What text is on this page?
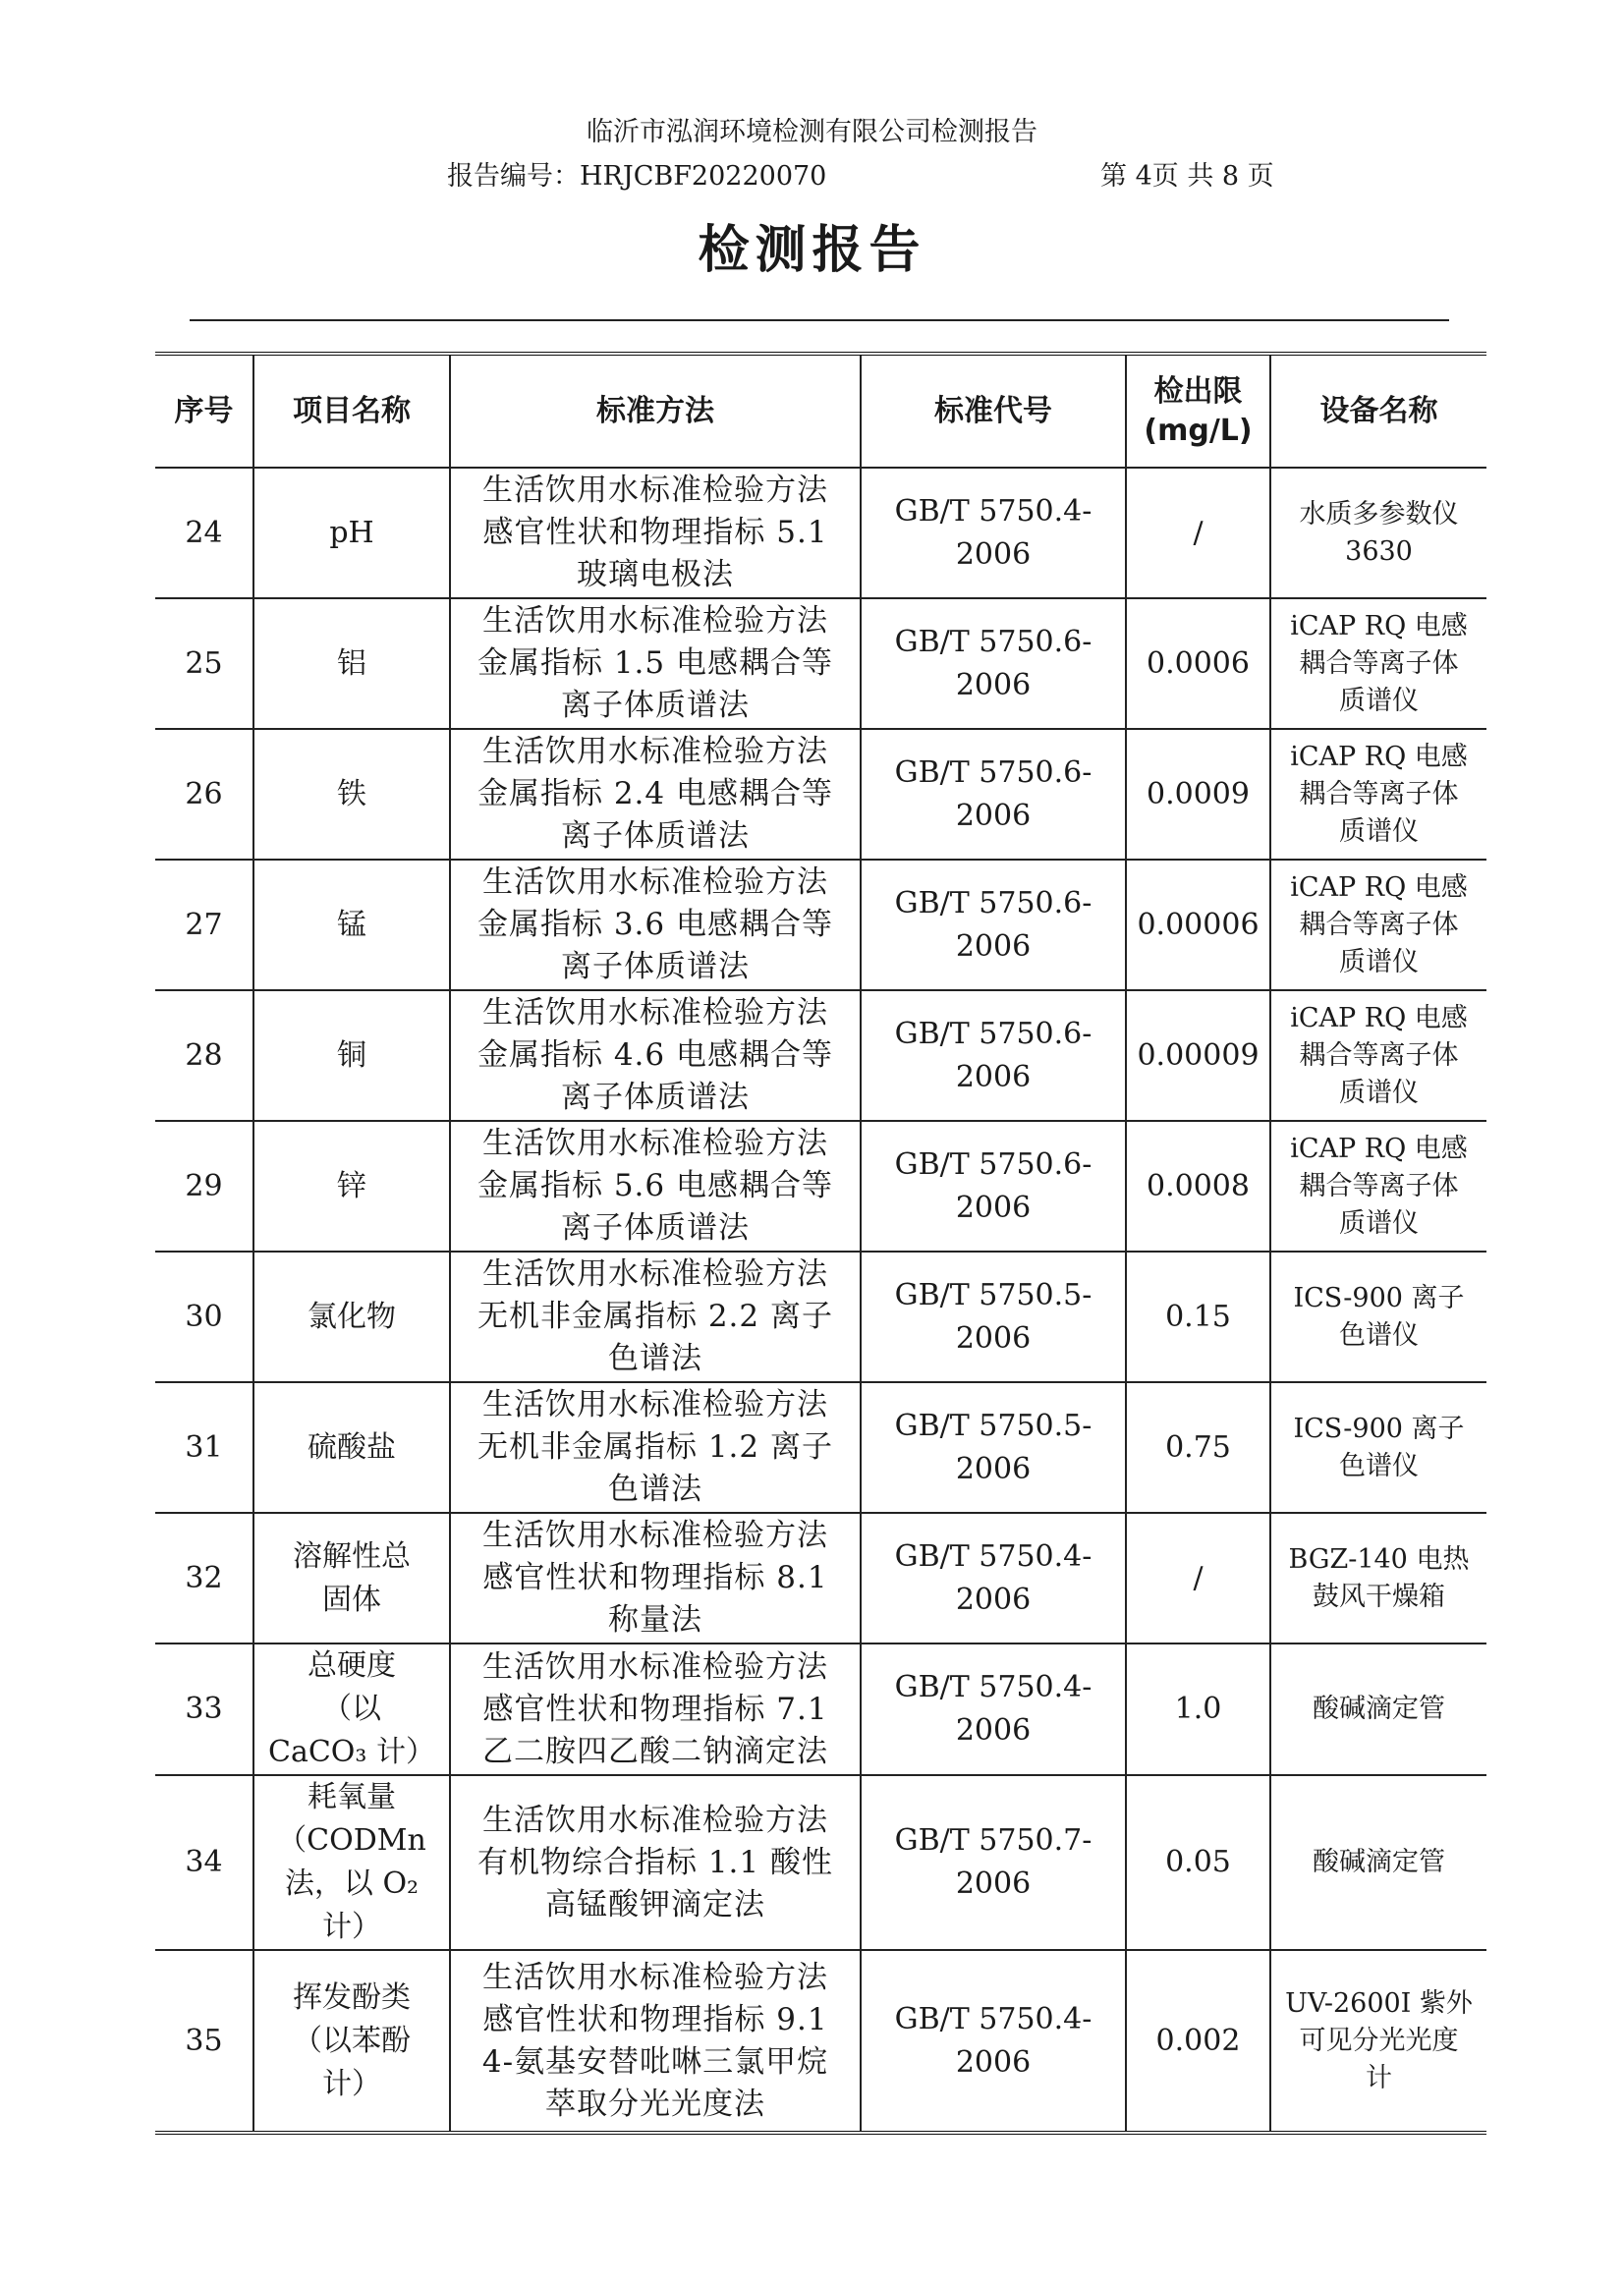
临沂市泓润环境检测有限公司检测报告
报告编号：HRJCBF20220070	第 4页 共 8 页
检测报告
序号	项目名称	标准方法	标准代号	检出限
(mg/L)	设备名称
24	pH	生活饮用水标准检验方法
感官性状和物理指标 5.1
玻璃电极法	GB/T 5750.4-
2006	/	水质多参数仪
3630
25	铝	生活饮用水标准检验方法
金属指标 1.5 电感耦合等
离子体质谱法	GB/T 5750.6-
2006	0.0006	iCAP RQ 电感
耦合等离子体
质谱仪
26	铁	生活饮用水标准检验方法
金属指标 2.4 电感耦合等
离子体质谱法	GB/T 5750.6-
2006	0.0009	iCAP RQ 电感
耦合等离子体
质谱仪
27	锰	生活饮用水标准检验方法
金属指标 3.6 电感耦合等
离子体质谱法	GB/T 5750.6-
2006	0.00006	iCAP RQ 电感
耦合等离子体
质谱仪
28	铜	生活饮用水标准检验方法
金属指标 4.6 电感耦合等
离子体质谱法	GB/T 5750.6-
2006	0.00009	iCAP RQ 电感
耦合等离子体
质谱仪
29	锌	生活饮用水标准检验方法
金属指标 5.6 电感耦合等
离子体质谱法	GB/T 5750.6-
2006	0.0008	iCAP RQ 电感
耦合等离子体
质谱仪
30	氯化物	生活饮用水标准检验方法
无机非金属指标 2.2 离子
色谱法	GB/T 5750.5-
2006	0.15	ICS-900 离子
色谱仪
31	硫酸盐	生活饮用水标准检验方法
无机非金属指标 1.2 离子
色谱法	GB/T 5750.5-
2006	0.75	ICS-900 离子
色谱仪
32	溶解性总
固体	生活饮用水标准检验方法
感官性状和物理指标 8.1
称量法	GB/T 5750.4-
2006	/	BGZ-140 电热
鼓风干燥箱
33	总硬度
（以
CaCO₃ 计）	生活饮用水标准检验方法
感官性状和物理指标 7.1
乙二胺四乙酸二钠滴定法	GB/T 5750.4-
2006	1.0	酸碱滴定管
34	耗氧量
（CODMn
法，以 O₂
计）	生活饮用水标准检验方法
有机物综合指标 1.1 酸性
高锰酸钾滴定法	GB/T 5750.7-
2006	0.05	酸碱滴定管
35	挥发酚类
（以苯酚
计）	生活饮用水标准检验方法
感官性状和物理指标 9.1
4-氨基安替吡啉三氯甲烷
萃取分光光度法	GB/T 5750.4-
2006	0.002	UV-2600I 紫外
可见分光光度
计
